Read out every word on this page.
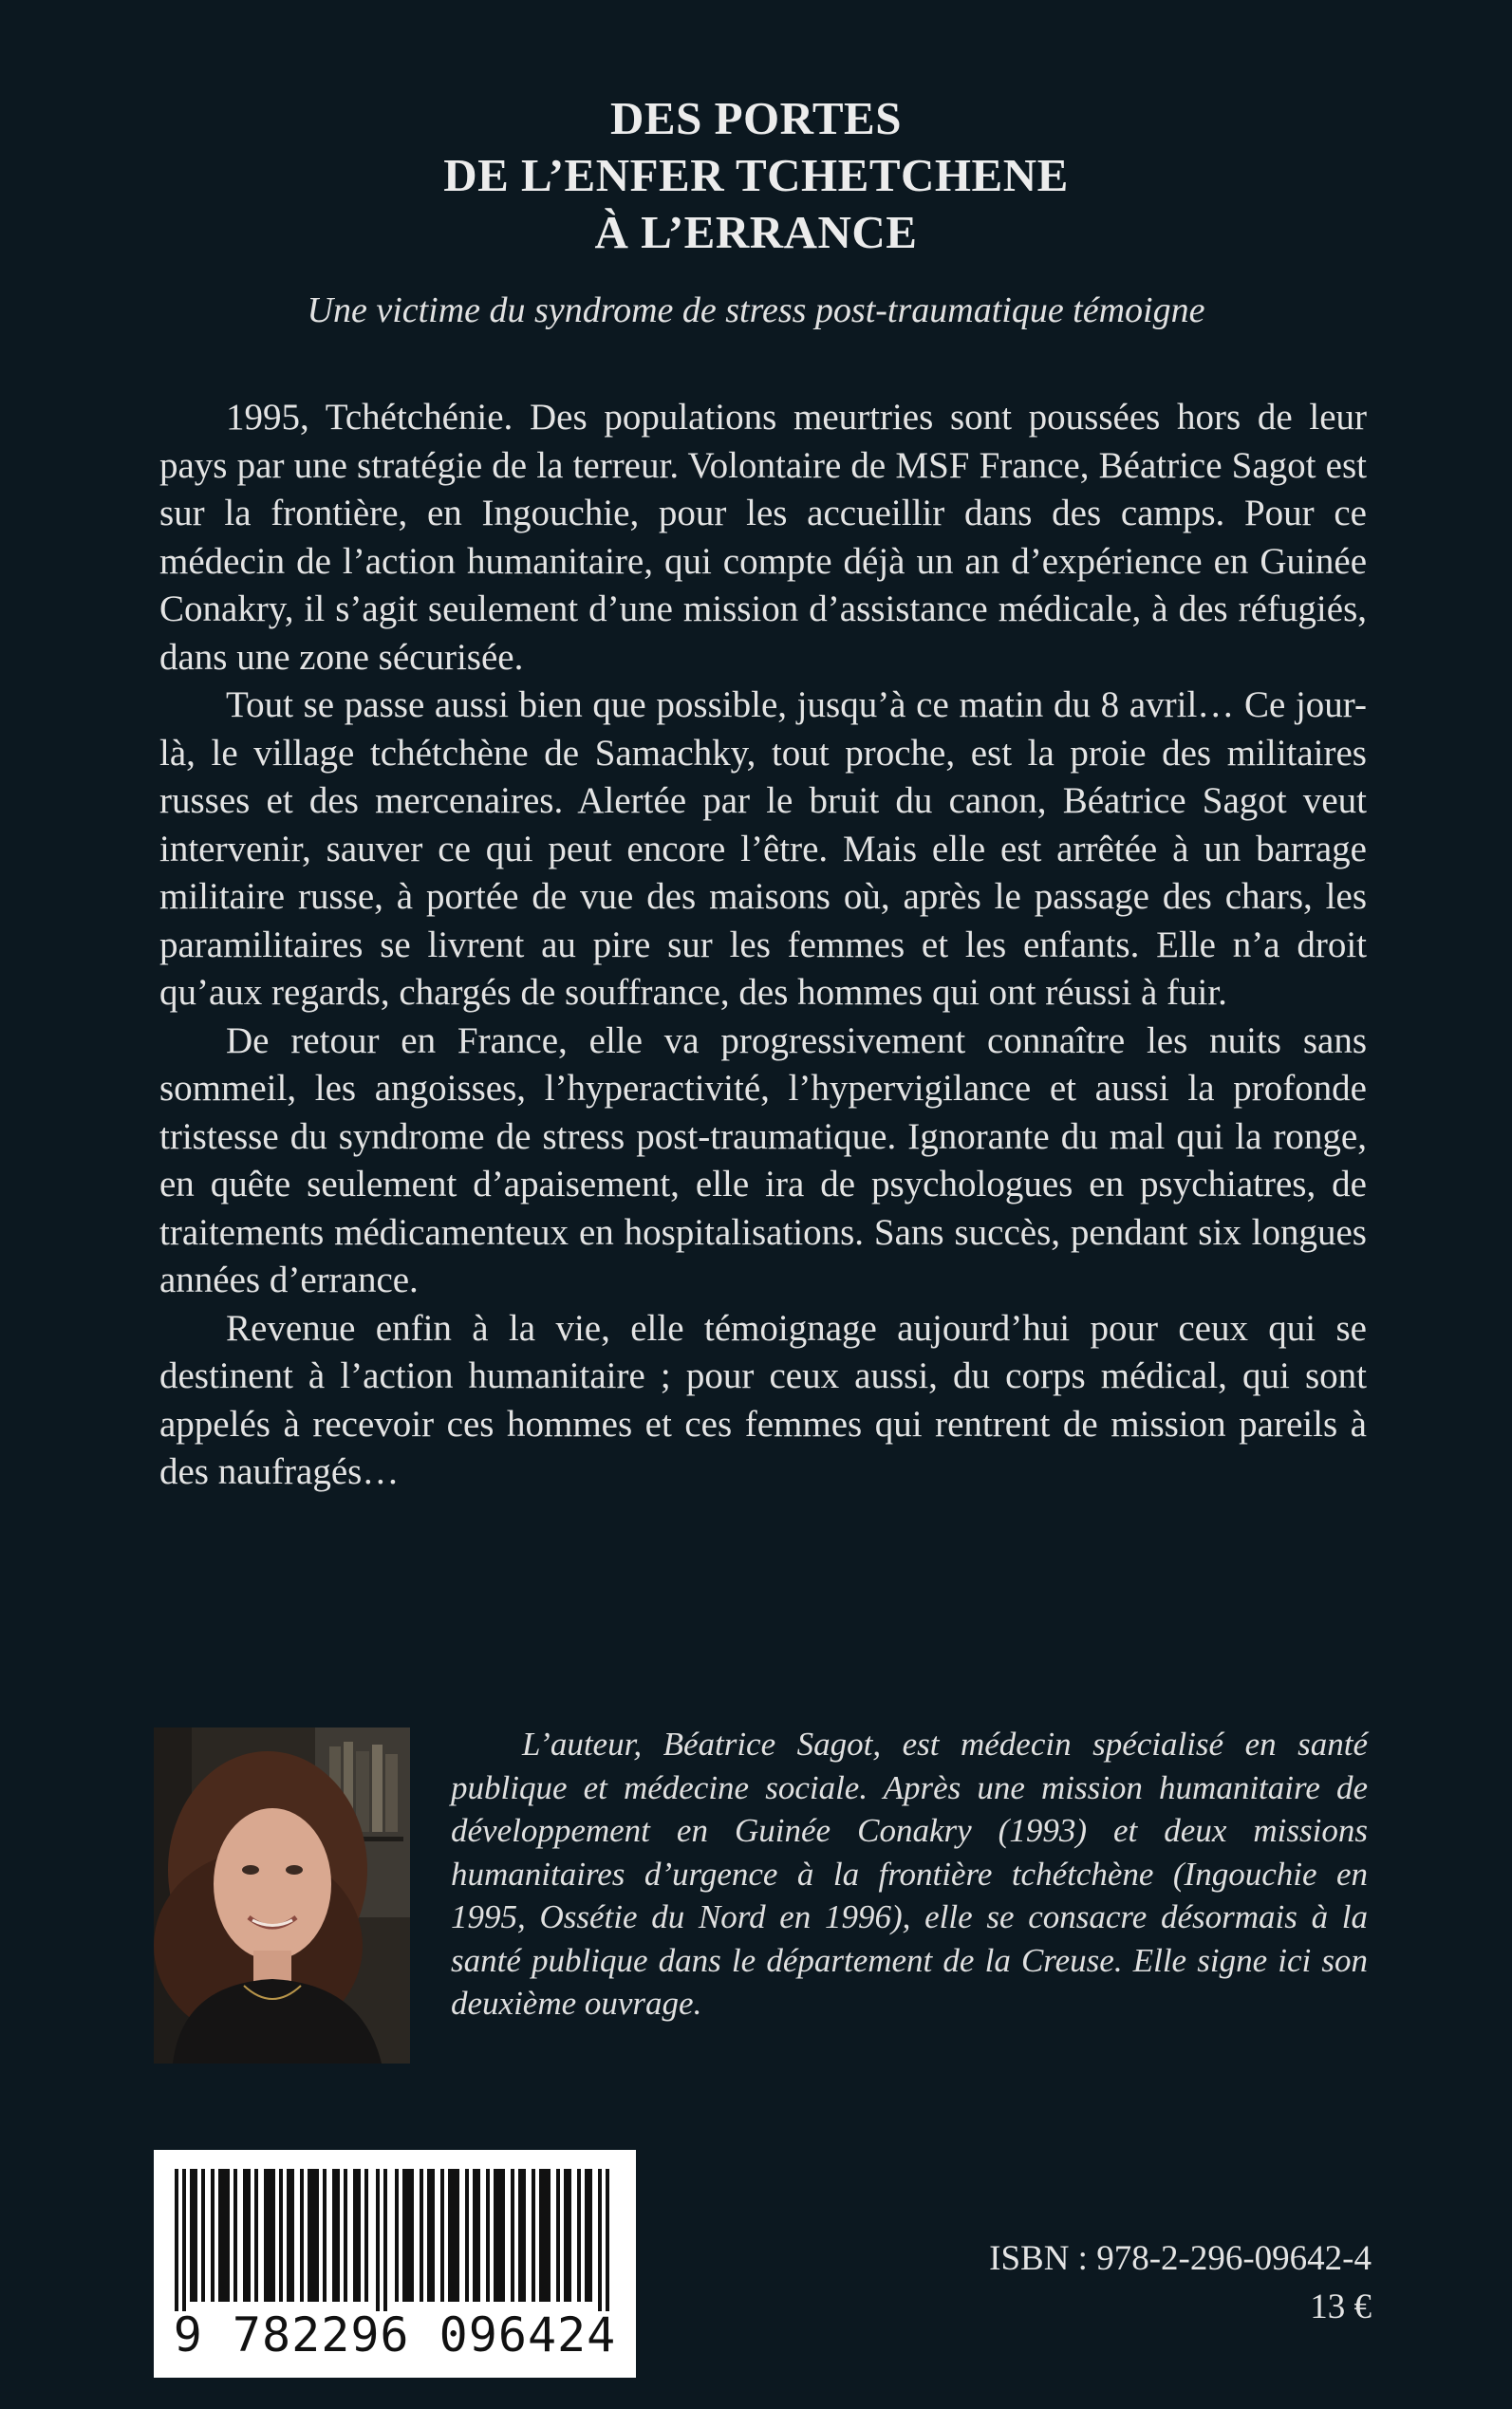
DES PORTES
DE L’ENFER TCHETCHENE
À L’ERRANCE
Une victime du syndrome de stress post-traumatique témoigne

1995, Tchétchénie. Des populations meurtries sont poussées hors de leur pays par une stratégie de la terreur. Volontaire de MSF France, Béatrice Sagot est sur la frontière, en Ingouchie, pour les accueillir dans des camps. Pour ce médecin de l’action humanitaire, qui compte déjà un an d’expérience en Guinée Conakry, il s’agit seulement d’une mission d’assistance médicale, à des réfugiés, dans une zone sécurisée.

Tout se passe aussi bien que possible, jusqu’à ce matin du 8 avril… Ce jour-là, le village tchétchène de Samachky, tout proche, est la proie des militaires russes et des mercenaires. Alertée par le bruit du canon, Béatrice Sagot veut intervenir, sauver ce qui peut encore l’être. Mais elle est arrêtée à un barrage militaire russe, à portée de vue des maisons où, après le passage des chars, les paramilitaires se livrent au pire sur les femmes et les enfants. Elle n’a droit qu’aux regards, chargés de souffrance, des hommes qui ont réussi à fuir.

De retour en France, elle va progressivement connaître les nuits sans sommeil, les angoisses, l’hyperactivité, l’hypervigilance et aussi la profonde tristesse du syndrome de stress post-traumatique. Ignorante du mal qui la ronge, en quête seulement d’apaisement, elle ira de psychologues en psychiatres, de traitements médicamenteux en hospitalisations. Sans succès, pendant six longues années d’errance.

Revenue enfin à la vie, elle témoignage aujourd’hui pour ceux qui se destinent à l’action humanitaire ; pour ceux aussi, du corps médical, qui sont appelés à recevoir ces hommes et ces femmes qui rentrent de mission pareils à des naufragés…

L’auteur, Béatrice Sagot, est médecin spécialisé en santé publique et médecine sociale. Après une mission humanitaire de développement en Guinée Conakry (1993) et deux missions humanitaires d’urgence à la frontière tchétchène (Ingouchie en 1995, Ossétie du Nord en 1996), elle se consacre désormais à la santé publique dans le département de la Creuse. Elle signe ici son deuxième ouvrage.

9 782296 096424
ISBN : 978-2-296-09642-4
13 €
